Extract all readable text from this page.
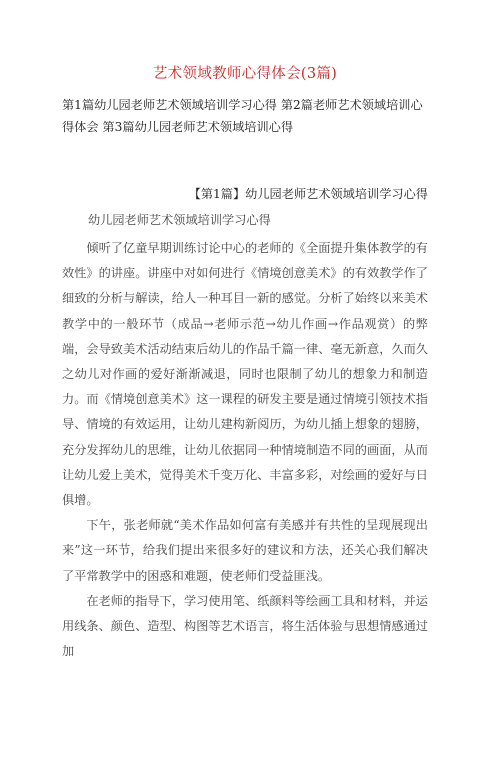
艺术领域教师心得体会(3篇)

第1篇幼儿园老师艺术领域培训学习心得 第2篇老师艺术领域培训心得体会 第3篇幼儿园老师艺术领域培训心得

【第1篇】幼儿园老师艺术领域培训学习心得

幼儿园老师艺术领域培训学习心得

倾听了亿童早期训练讨论中心的老师的《全面提升集体教学的有效性》的讲座。讲座中对如何进行《情境创意美术》的有效教学作了细致的分析与解读，给人一种耳目一新的感觉。分析了始终以来美术教学中的一般环节（成品→老师示范→幼儿作画→作品观赏）的弊端，会导致美术活动结束后幼儿的作品千篇一律、毫无新意，久而久之幼儿对作画的爱好渐渐减退，同时也限制了幼儿的想象力和制造力。而《情境创意美术》这一课程的研发主要是通过情境引领技术指导、情境的有效运用，让幼儿建构新阅历，为幼儿插上想象的翅膀，充分发挥幼儿的思维，让幼儿依据同一种情境制造不同的画面，从而让幼儿爱上美术，觉得美术千变万化、丰富多彩，对绘画的爱好与日俱增。

下午，张老师就“美术作品如何富有美感并有共性的呈现展现出来”这一环节，给我们提出来很多好的建议和方法，还关心我们解决了平常教学中的困惑和难题，使老师们受益匪浅。

在老师的指导下，学习使用笔、纸颜料等绘画工具和材料，并运用线条、颜色、造型、构图等艺术语言，将生活体验与思想情感通过加
